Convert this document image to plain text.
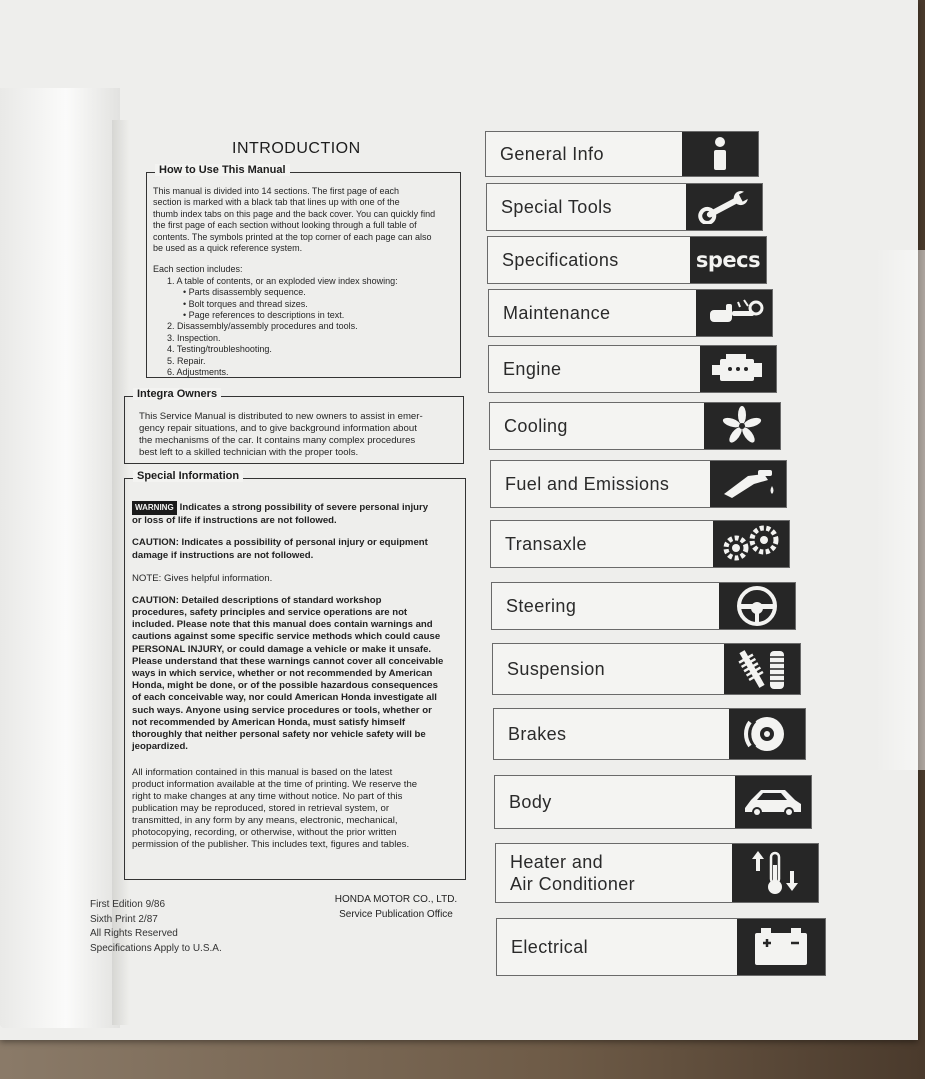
INTRODUCTION
How to Use This Manual

This manual is divided into 14 sections. The first page of each

section is marked with a black tab that lines up with one of the

thumb index tabs on this page and the back cover. You can quickly find

the first page of each section without looking through a full table of

contents. The symbols printed at the top corner of each page can also

be used as a quick reference system.

Each section includes:

1. A table of contents, or an exploded view index showing:

• Parts disassembly sequence.

• Bolt torques and thread sizes.

• Page references to descriptions in text.

2. Disassembly/assembly procedures and tools.

3. Inspection.

4. Testing/troubleshooting.

5. Repair.

6. Adjustments.

Integra Owners

This Service Manual is distributed to new owners to assist in emer-

gency repair situations, and to give background information about

the mechanisms of the car. It contains many complex procedures

best left to a skilled technician with the proper tools.

Special Information

WARNING Indicates a strong possibility of severe personal injury

or loss of life if instructions are not followed.

CAUTION: Indicates a possibility of personal injury or equipment

damage if instructions are not followed.

NOTE: Gives helpful information.

CAUTION: Detailed descriptions of standard workshop

procedures, safety principles and service operations are not

included. Please note that this manual does contain warnings and

cautions against some specific service methods which could cause

PERSONAL INJURY, or could damage a vehicle or make it unsafe.

Please understand that these warnings cannot cover all conceivable

ways in which service, whether or not recommended by American

Honda, might be done, or of the possible hazardous consequences

of each conceivable way, nor could American Honda investigate all

such ways. Anyone using service procedures or tools, whether or

not recommended by American Honda, must satisfy himself

thoroughly that neither personal safety nor vehicle safety will be

jeopardized.

All information contained in this manual is based on the latest

product information available at the time of printing. We reserve the

right to make changes at any time without notice. No part of this

publication may be reproduced, stored in retrieval system, or

transmitted, in any form by any means, electronic, mechanical,

photocopying, recording, or otherwise, without the prior written

permission of the publisher. This includes text, figures and tables.

First Edition 9/86
Sixth Print 2/87
All Rights Reserved
Specifications Apply to U.S.A.
HONDA MOTOR CO., LTD.
Service Publication Office
General Info
Special Tools
Specifications	specs
Maintenance
Engine
Cooling
Fuel and Emissions
Transaxle
Steering
Suspension
Brakes
Body
Heater and
Air Conditioner
Electrical
